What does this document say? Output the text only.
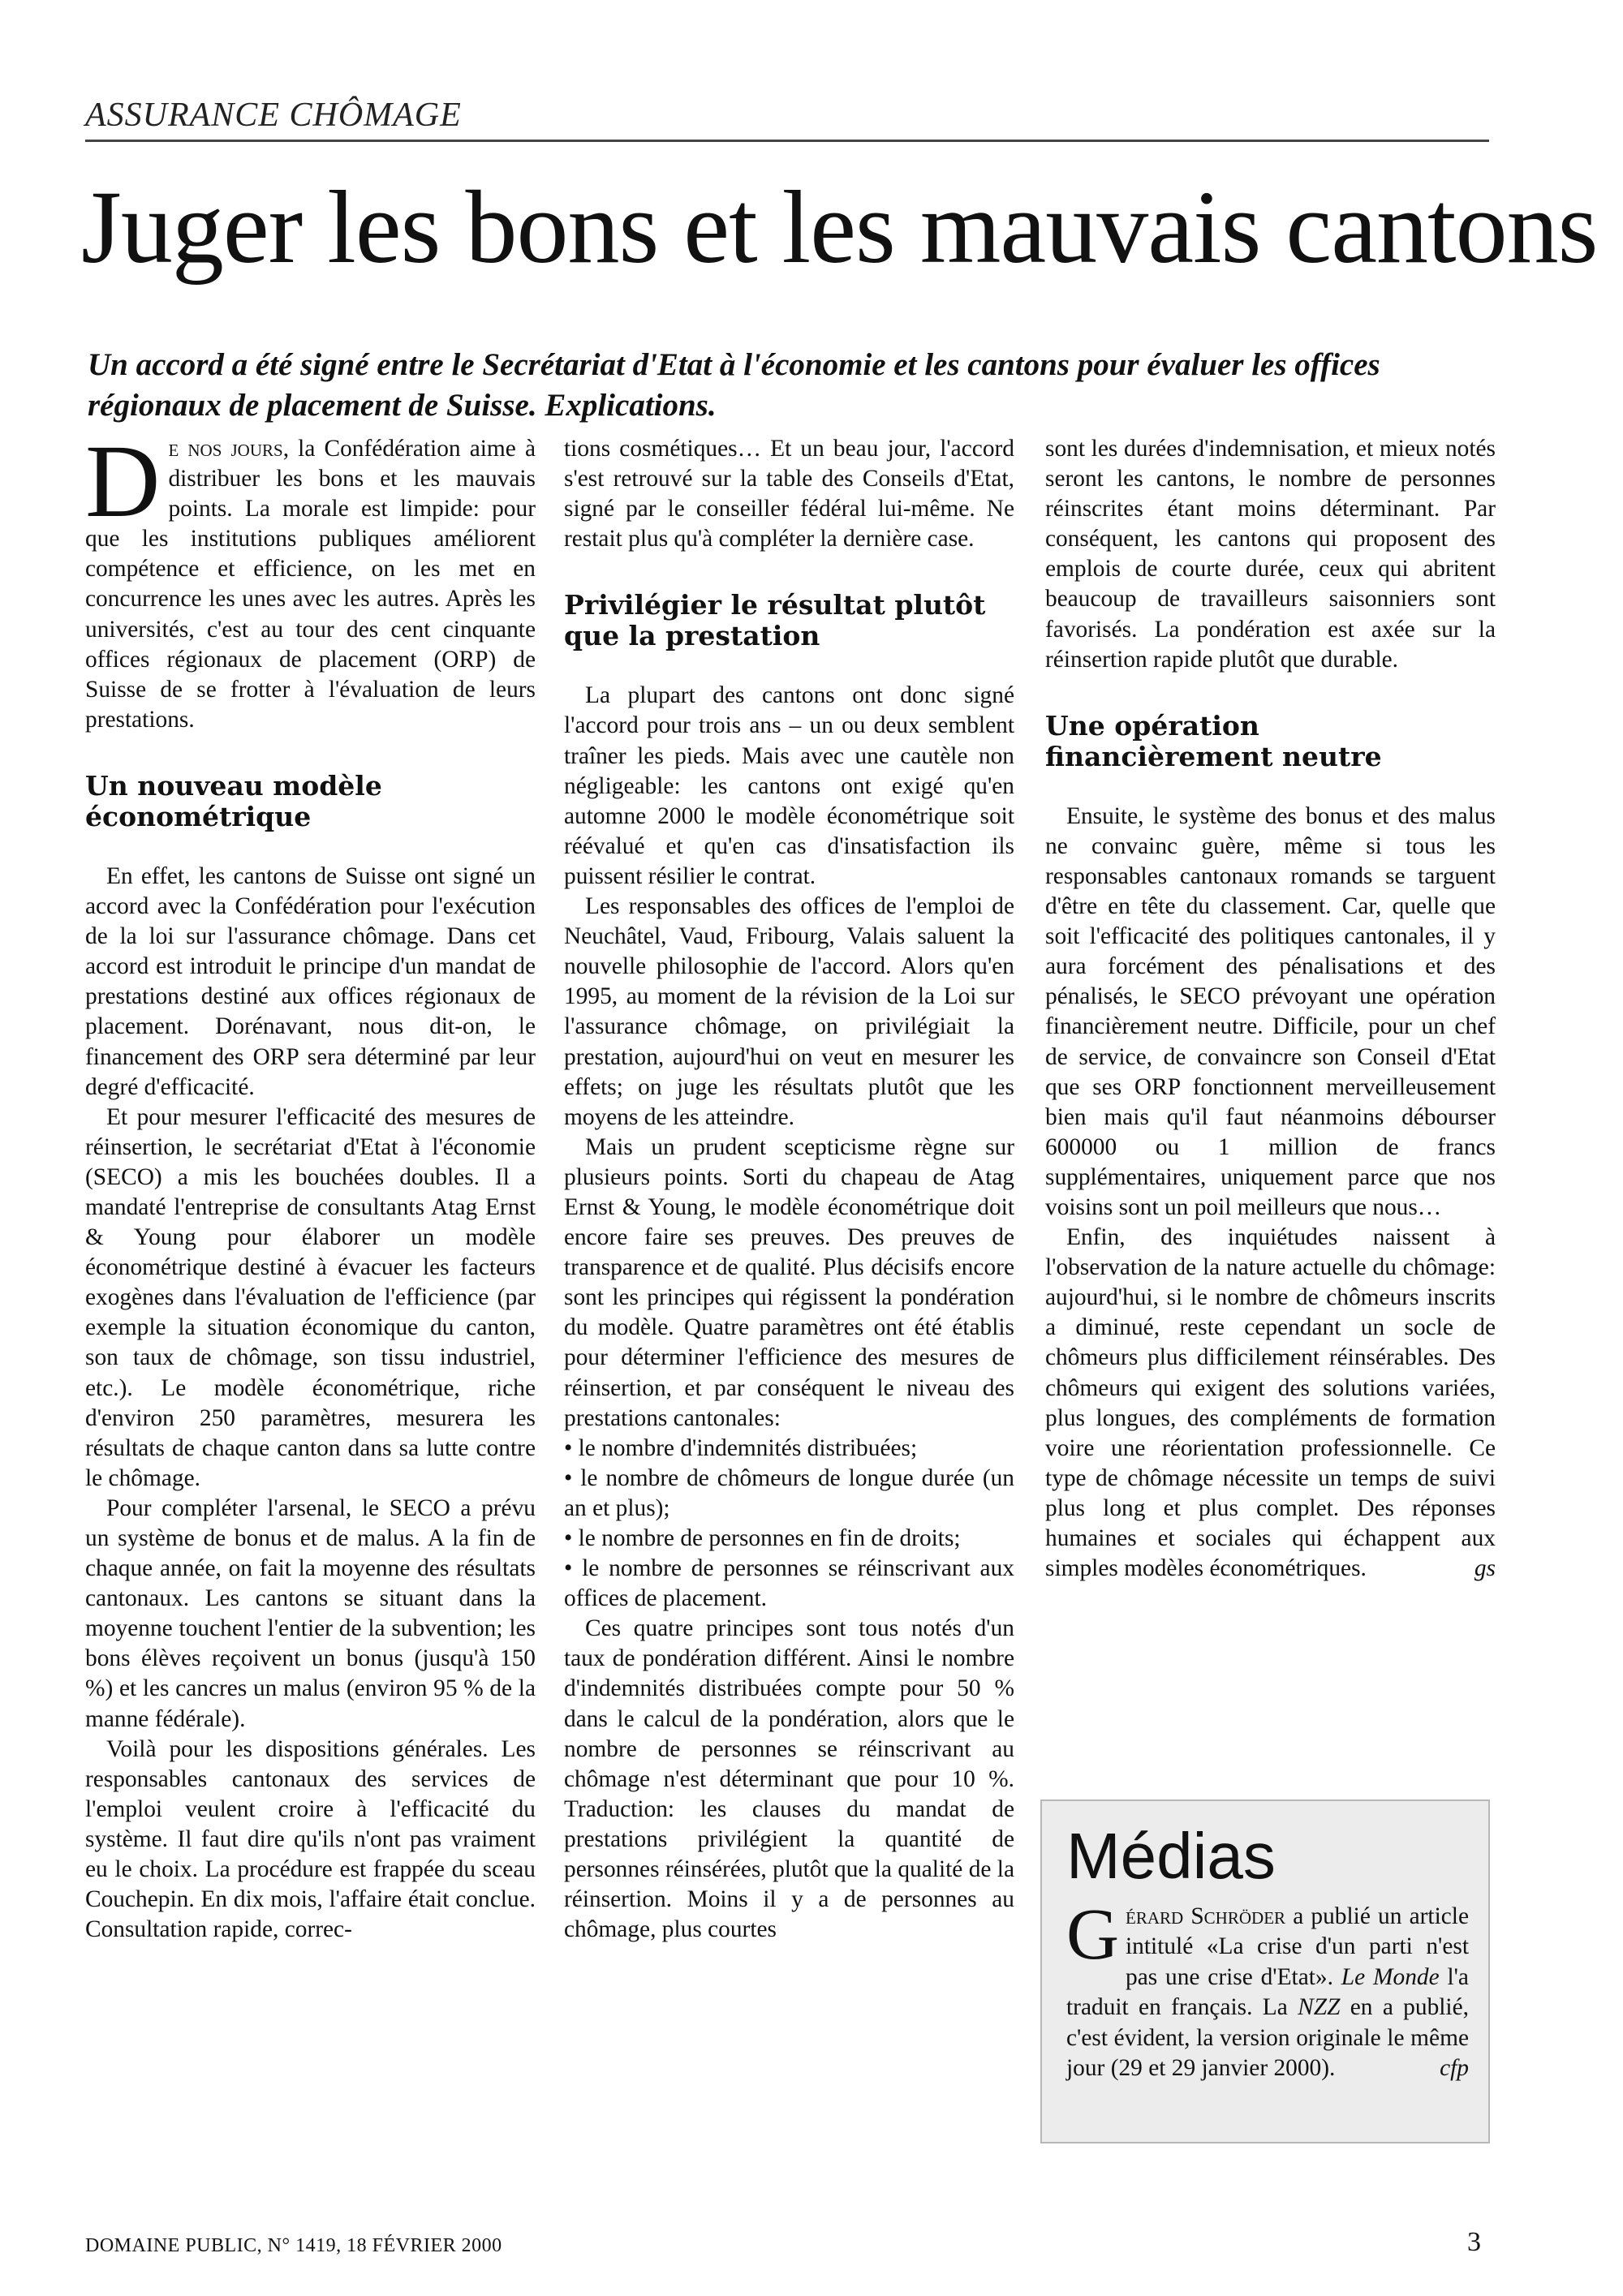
ASSURANCE CHÔMAGE
Juger les bons et les mauvais cantons
Un accord a été signé entre le Secrétariat d'Etat à l'économie et les cantons pour évaluer les offices régionaux de placement de Suisse. Explications.

De nos jours, la Confédération aime à distribuer les bons et les mauvais points. La morale est limpide: pour que les institutions publiques améliorent compétence et efficience, on les met en concurrence les unes avec les autres. Après les universités, c'est au tour des cent cinquante offices régionaux de placement (ORP) de Suisse de se frotter à l'évaluation de leurs prestations.

Un nouveau modèle économétrique

En effet, les cantons de Suisse ont signé un accord avec la Confédération pour l'exécution de la loi sur l'assurance chômage. Dans cet accord est introduit le principe d'un mandat de prestations destiné aux offices régionaux de placement. Dorénavant, nous dit-on, le financement des ORP sera déterminé par leur degré d'efficacité.

Et pour mesurer l'efficacité des mesures de réinsertion, le secrétariat d'Etat à l'économie (SECO) a mis les bouchées doubles. Il a mandaté l'entreprise de consultants Atag Ernst & Young pour élaborer un modèle économétrique destiné à évacuer les facteurs exogènes dans l'évaluation de l'efficience (par exemple la situation économique du canton, son taux de chômage, son tissu industriel, etc.). Le modèle économétrique, riche d'environ 250 paramètres, mesurera les résultats de chaque canton dans sa lutte contre le chômage.

Pour compléter l'arsenal, le SECO a prévu un système de bonus et de malus. A la fin de chaque année, on fait la moyenne des résultats cantonaux. Les cantons se situant dans la moyenne touchent l'entier de la subvention; les bons élèves reçoivent un bonus (jusqu'à 150 %) et les cancres un malus (environ 95 % de la manne fédérale).

Voilà pour les dispositions générales. Les responsables cantonaux des services de l'emploi veulent croire à l'efficacité du système. Il faut dire qu'ils n'ont pas vraiment eu le choix. La procédure est frappée du sceau Couchepin. En dix mois, l'affaire était conclue. Consultation rapide, correc-

tions cosmétiques… Et un beau jour, l'accord s'est retrouvé sur la table des Conseils d'Etat, signé par le conseiller fédéral lui-même. Ne restait plus qu'à compléter la dernière case.

Privilégier le résultat plutôt que la prestation

La plupart des cantons ont donc signé l'accord pour trois ans – un ou deux semblent traîner les pieds. Mais avec une cautèle non négligeable: les cantons ont exigé qu'en automne 2000 le modèle économétrique soit réévalué et qu'en cas d'insatisfaction ils puissent résilier le contrat.

Les responsables des offices de l'emploi de Neuchâtel, Vaud, Fribourg, Valais saluent la nouvelle philosophie de l'accord. Alors qu'en 1995, au moment de la révision de la Loi sur l'assurance chômage, on privilégiait la prestation, aujourd'hui on veut en mesurer les effets; on juge les résultats plutôt que les moyens de les atteindre.

Mais un prudent scepticisme règne sur plusieurs points. Sorti du chapeau de Atag Ernst & Young, le modèle économétrique doit encore faire ses preuves. Des preuves de transparence et de qualité. Plus décisifs encore sont les principes qui régissent la pondération du modèle. Quatre paramètres ont été établis pour déterminer l'efficience des mesures de réinsertion, et par conséquent le niveau des prestations cantonales:

• le nombre d'indemnités distribuées;

• le nombre de chômeurs de longue durée (un an et plus);

• le nombre de personnes en fin de droits;

• le nombre de personnes se réinscrivant aux offices de placement.

Ces quatre principes sont tous notés d'un taux de pondération différent. Ainsi le nombre d'indemnités distribuées compte pour 50 % dans le calcul de la pondération, alors que le nombre de personnes se réinscrivant au chômage n'est déterminant que pour 10 %. Traduction: les clauses du mandat de prestations privilégient la quantité de personnes réinsérées, plutôt que la qualité de la réinsertion. Moins il y a de personnes au chômage, plus courtes

sont les durées d'indemnisation, et mieux notés seront les cantons, le nombre de personnes réinscrites étant moins déterminant. Par conséquent, les cantons qui proposent des emplois de courte durée, ceux qui abritent beaucoup de travailleurs saisonniers sont favorisés. La pondération est axée sur la réinsertion rapide plutôt que durable.

Une opération financièrement neutre

Ensuite, le système des bonus et des malus ne convainc guère, même si tous les responsables cantonaux romands se targuent d'être en tête du classement. Car, quelle que soit l'efficacité des politiques cantonales, il y aura forcément des pénalisations et des pénalisés, le SECO prévoyant une opération financièrement neutre. Difficile, pour un chef de service, de convaincre son Conseil d'Etat que ses ORP fonctionnent merveilleusement bien mais qu'il faut néanmoins débourser 600000 ou 1 million de francs supplémentaires, uniquement parce que nos voisins sont un poil meilleurs que nous…

Enfin, des inquiétudes naissent à l'observation de la nature actuelle du chômage: aujourd'hui, si le nombre de chômeurs inscrits a diminué, reste cependant un socle de chômeurs plus difficilement réinsérables. Des chômeurs qui exigent des solutions variées, plus longues, des compléments de formation voire une réorientation professionnelle. Ce type de chômage nécessite un temps de suivi plus long et plus complet. Des réponses humaines et sociales qui échappent aux simples modèles économétriques.	gs

Médias

Gérard Schröder a publié un article intitulé «La crise d'un parti n'est pas une crise d'Etat». Le Monde l'a traduit en français. La NZZ en a publié, c'est évident, la version originale le même jour (29 et 29 janvier 2000).	cfp

DOMAINE PUBLIC, N° 1419, 18 FÉVRIER 2000	3
